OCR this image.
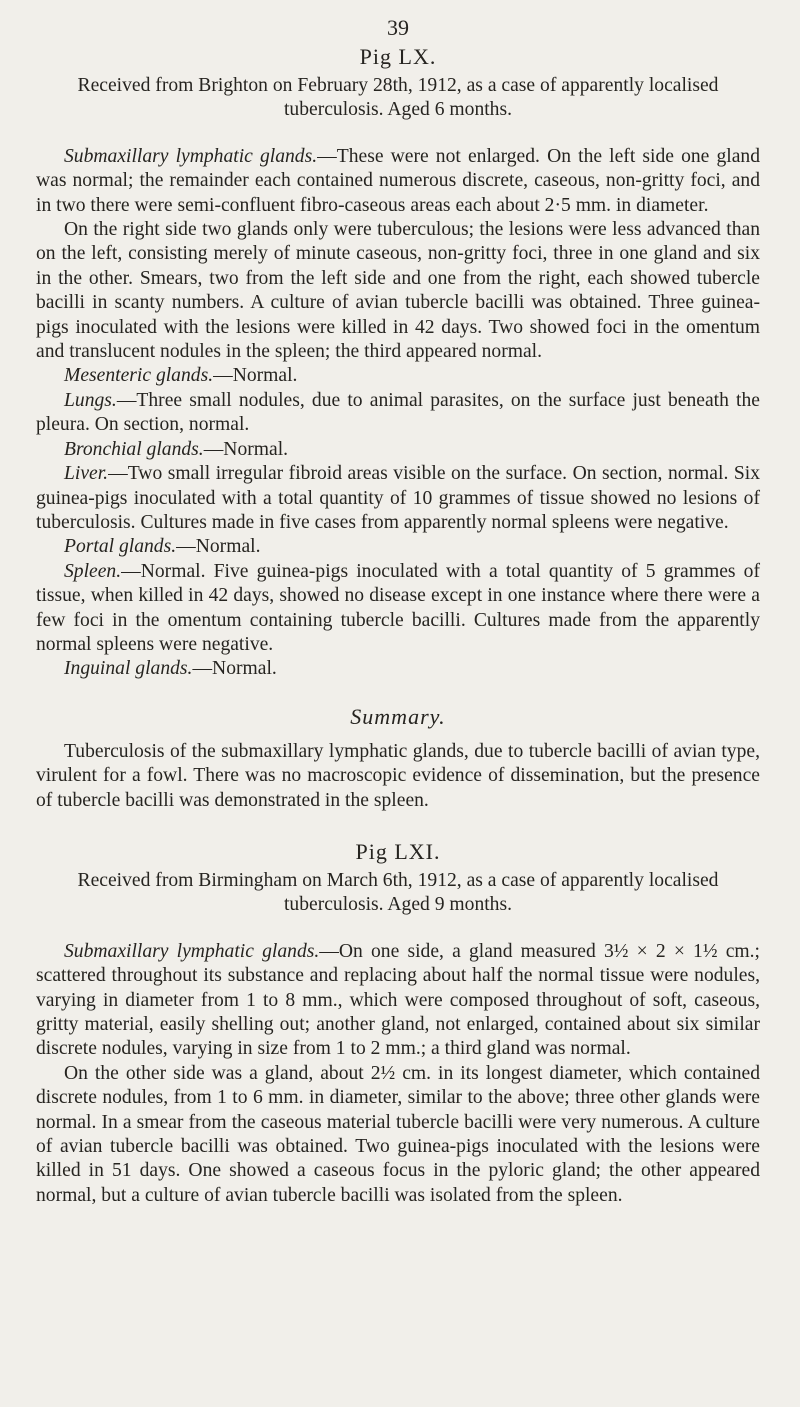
39
Pig LX.

Received from Brighton on February 28th, 1912, as a case of apparently localised tuberculosis. Aged 6 months.

Submaxillary lymphatic glands.—These were not enlarged. On the left side one gland was normal; the remainder each contained numerous discrete, caseous, non-gritty foci, and in two there were semi-confluent fibro-caseous areas each about 2·5 mm. in diameter.

On the right side two glands only were tuberculous; the lesions were less advanced than on the left, consisting merely of minute caseous, non-gritty foci, three in one gland and six in the other. Smears, two from the left side and one from the right, each showed tubercle bacilli in scanty numbers. A culture of avian tubercle bacilli was obtained. Three guinea-pigs inoculated with the lesions were killed in 42 days. Two showed foci in the omentum and translucent nodules in the spleen; the third appeared normal.

Mesenteric glands.—Normal.

Lungs.—Three small nodules, due to animal parasites, on the surface just beneath the pleura. On section, normal.

Bronchial glands.—Normal.

Liver.—Two small irregular fibroid areas visible on the surface. On section, normal. Six guinea-pigs inoculated with a total quantity of 10 grammes of tissue showed no lesions of tuberculosis. Cultures made in five cases from apparently normal spleens were negative.

Portal glands.—Normal.

Spleen.—Normal. Five guinea-pigs inoculated with a total quantity of 5 grammes of tissue, when killed in 42 days, showed no disease except in one instance where there were a few foci in the omentum containing tubercle bacilli. Cultures made from the apparently normal spleens were negative.

Inguinal glands.—Normal.

Summary.

Tuberculosis of the submaxillary lymphatic glands, due to tubercle bacilli of avian type, virulent for a fowl. There was no macroscopic evidence of dissemination, but the presence of tubercle bacilli was demonstrated in the spleen.

Pig LXI.

Received from Birmingham on March 6th, 1912, as a case of apparently localised tuberculosis. Aged 9 months.

Submaxillary lymphatic glands.—On one side, a gland measured 3½ × 2 × 1½ cm.; scattered throughout its substance and replacing about half the normal tissue were nodules, varying in diameter from 1 to 8 mm., which were composed throughout of soft, caseous, gritty material, easily shelling out; another gland, not enlarged, contained about six similar discrete nodules, varying in size from 1 to 2 mm.; a third gland was normal.

On the other side was a gland, about 2½ cm. in its longest diameter, which contained discrete nodules, from 1 to 6 mm. in diameter, similar to the above; three other glands were normal. In a smear from the caseous material tubercle bacilli were very numerous. A culture of avian tubercle bacilli was obtained. Two guinea-pigs inoculated with the lesions were killed in 51 days. One showed a caseous focus in the pyloric gland; the other appeared normal, but a culture of avian tubercle bacilli was isolated from the spleen.
